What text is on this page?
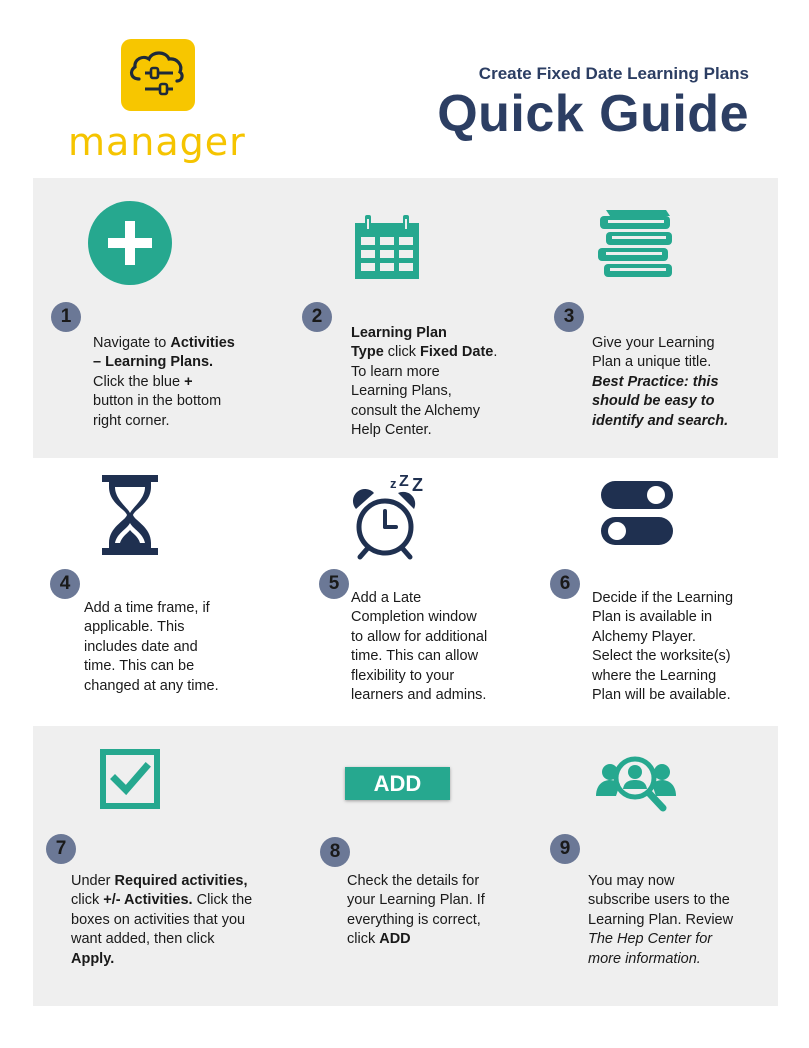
manager
Create Fixed Date Learning Plans
Quick Guide
1
Navigate to Activities
– Learning Plans.
Click the blue +
button in the bottom
right corner.
2
Learning Plan
Type click Fixed Date.
To learn more
Learning Plans,
consult the Alchemy
Help Center.
3
Give your Learning
Plan a unique title.
Best Practice: this
should be easy to
identify and search.
4
Add a time frame, if
applicable. This
includes date and
time. This can be
changed at any time.
z Z Z
5
Add a Late
Completion window
to allow for additional
time. This can allow
flexibility to your
learners and admins.
6
Decide if the Learning
Plan is available in
Alchemy Player.
Select the worksite(s)
where the Learning
Plan will be available.
7
Under Required activities,
click +/- Activities. Click the
boxes on activities that you
want added, then click
Apply.
ADD
8
Check the details for
your Learning Plan. If
everything is correct,
click ADD
9
You may now
subscribe users to the
Learning Plan. Review
The Hep Center for
more information.
